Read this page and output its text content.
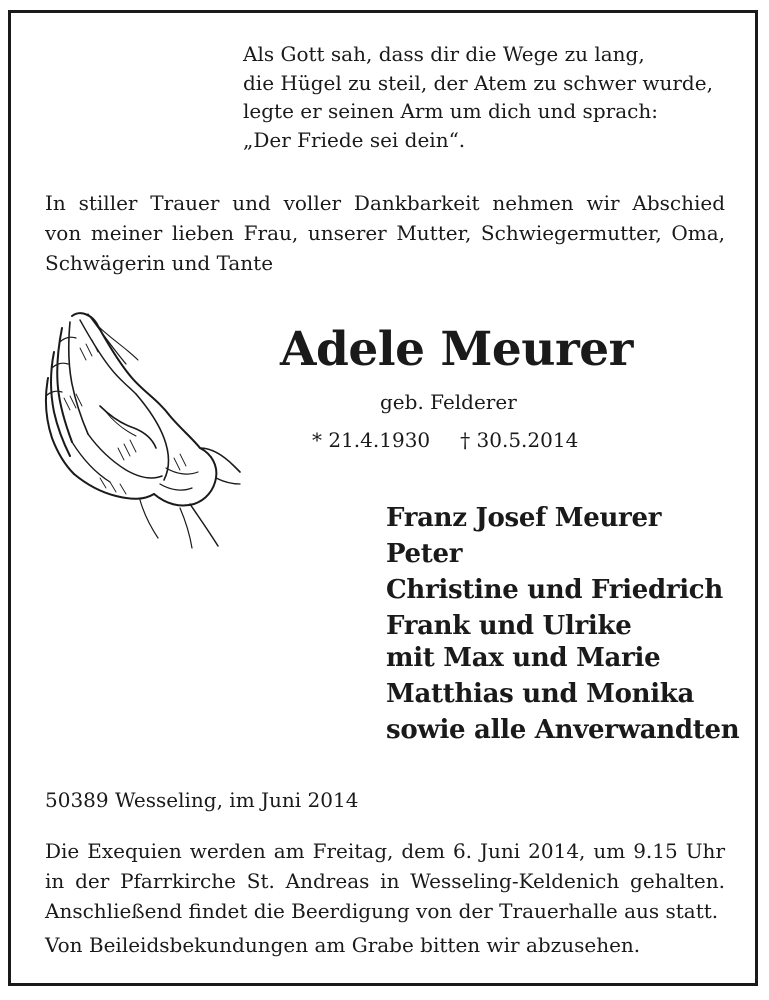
Als Gott sah, dass dir die Wege zu lang,
die Hügel zu steil, der Atem zu schwer wurde,
legte er seinen Arm um dich und sprach:
„Der Friede sei dein“.
In stiller Trauer und voller Dankbarkeit nehmen wir Abschied
von meiner lieben Frau, unserer Mutter, Schwiegermutter, Oma,
Schwägerin und Tante
Adele Meurer
geb. Felderer
* 21.4.1930 † 30.5.2014
Franz Josef Meurer
Peter
Christine und Friedrich
Frank und Ulrike
mit Max und Marie
Matthias und Monika
sowie alle Anverwandten
50389 Wesseling, im Juni 2014
Die Exequien werden am Freitag, dem 6. Juni 2014, um 9.15 Uhr
in der Pfarrkirche St. Andreas in Wesseling-Keldenich gehalten.
Anschließend findet die Beerdigung von der Trauerhalle aus statt.
Von Beileidsbekundungen am Grabe bitten wir abzusehen.
